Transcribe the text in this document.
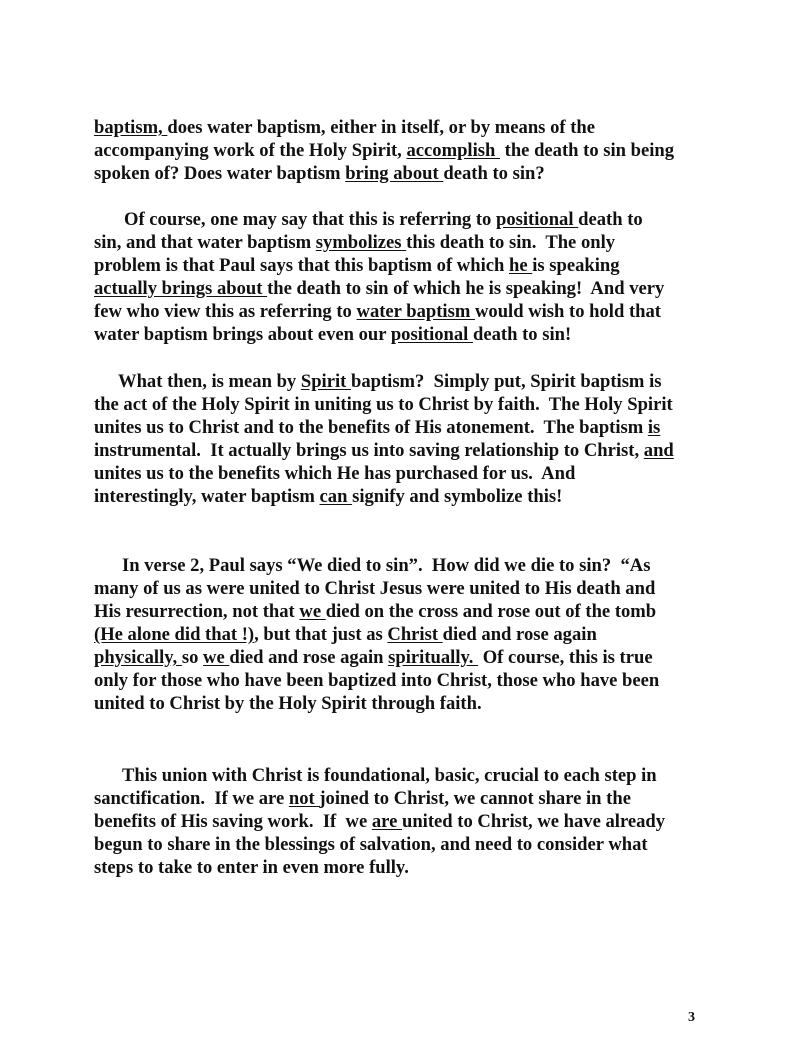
baptism, does water baptism, either in itself, or by means of the
accompanying work of the Holy Spirit, accomplish  the death to sin being
spoken of? Does water baptism bring about death to sin?
Of course, one may say that this is referring to positional death to
sin, and that water baptism symbolizes this death to sin.  The only
problem is that Paul says that this baptism of which he is speaking
actually brings about the death to sin of which he is speaking!  And very
few who view this as referring to water baptism would wish to hold that
water baptism brings about even our positional death to sin!
What then, is mean by Spirit baptism?  Simply put, Spirit baptism is
the act of the Holy Spirit in uniting us to Christ by faith.  The Holy Spirit
unites us to Christ and to the benefits of His atonement.  The baptism is
instrumental.  It actually brings us into saving relationship to Christ, and
unites us to the benefits which He has purchased for us.  And
interestingly, water baptism can signify and symbolize this!
In verse 2, Paul says “We died to sin”.  How did we die to sin?  “As
many of us as were united to Christ Jesus were united to His death and
His resurrection, not that we died on the cross and rose out of the tomb
(He alone did that !), but that just as Christ died and rose again
physically, so we died and rose again spiritually.  Of course, this is true
only for those who have been baptized into Christ, those who have been
united to Christ by the Holy Spirit through faith.
This union with Christ is foundational, basic, crucial to each step in
sanctification.  If we are not joined to Christ, we cannot share in the
benefits of His saving work.  If  we are united to Christ, we have already
begun to share in the blessings of salvation, and need to consider what
steps to take to enter in even more fully.
3
